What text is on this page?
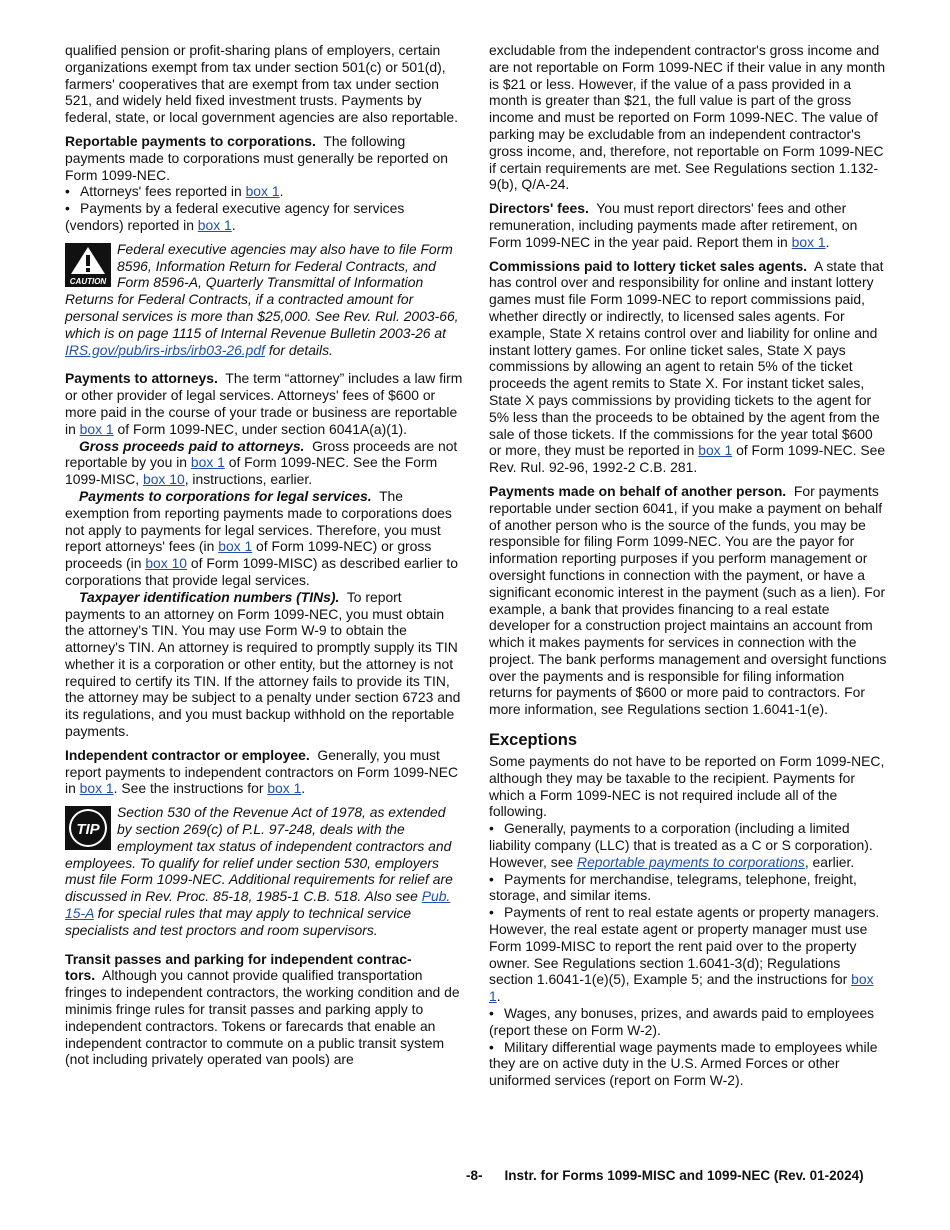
qualified pension or profit-sharing plans of employers, certain organizations exempt from tax under section 501(c) or 501(d), farmers' cooperatives that are exempt from tax under section 521, and widely held fixed investment trusts. Payments by federal, state, or local government agencies are also reportable.

Reportable payments to corporations. The following payments made to corporations must generally be reported on Form 1099-NEC.

• Attorneys' fees reported in box 1.

• Payments by a federal executive agency for services (vendors) reported in box 1.

CAUTION
Federal executive agencies may also have to file Form 8596, Information Return for Federal Contracts, and Form 8596-A, Quarterly Transmittal of Information Returns for Federal Contracts, if a contracted amount for personal services is more than $25,000. See Rev. Rul. 2003-66, which is on page 1115 of Internal Revenue Bulletin 2003-26 at IRS.gov/pub/irs-irbs/irb03-26.pdf for details.

Payments to attorneys. The term “attorney” includes a law firm or other provider of legal services. Attorneys' fees of $600 or more paid in the course of your trade or business are reportable in box 1 of Form 1099-NEC, under section 6041A(a)(1).

Gross proceeds paid to attorneys. Gross proceeds are not reportable by you in box 1 of Form 1099-NEC. See the Form 1099-MISC, box 10, instructions, earlier.

Payments to corporations for legal services. The exemption from reporting payments made to corporations does not apply to payments for legal services. Therefore, you must report attorneys' fees (in box 1 of Form 1099-NEC) or gross proceeds (in box 10 of Form 1099-MISC) as described earlier to corporations that provide legal services.

Taxpayer identification numbers (TINs). To report payments to an attorney on Form 1099-NEC, you must obtain the attorney's TIN. You may use Form W-9 to obtain the attorney's TIN. An attorney is required to promptly supply its TIN whether it is a corporation or other entity, but the attorney is not required to certify its TIN. If the attorney fails to provide its TIN, the attorney may be subject to a penalty under section 6723 and its regulations, and you must backup withhold on the reportable payments.

Independent contractor or employee. Generally, you must report payments to independent contractors on Form 1099-NEC in box 1. See the instructions for box 1.

TIP
Section 530 of the Revenue Act of 1978, as extended by section 269(c) of P.L. 97-248, deals with the employment tax status of independent contractors and employees. To qualify for relief under section 530, employers must file Form 1099-NEC. Additional requirements for relief are discussed in Rev. Proc. 85-18, 1985-1 C.B. 518. Also see Pub. 15-A for special rules that may apply to technical service specialists and test proctors and room supervisors.

Transit passes and parking for independent contrac-
tors. Although you cannot provide qualified transportation fringes to independent contractors, the working condition and de minimis fringe rules for transit passes and parking apply to independent contractors. Tokens or farecards that enable an independent contractor to commute on a public transit system (not including privately operated van pools) are

excludable from the independent contractor's gross income and are not reportable on Form 1099-NEC if their value in any month is $21 or less. However, if the value of a pass provided in a month is greater than $21, the full value is part of the gross income and must be reported on Form 1099-NEC. The value of parking may be excludable from an independent contractor's gross income, and, therefore, not reportable on Form 1099-NEC if certain requirements are met. See Regulations section 1.132-9(b), Q/A-24.

Directors' fees. You must report directors' fees and other remuneration, including payments made after retirement, on Form 1099-NEC in the year paid. Report them in box 1.

Commissions paid to lottery ticket sales agents. A state that has control over and responsibility for online and instant lottery games must file Form 1099-NEC to report commissions paid, whether directly or indirectly, to licensed sales agents. For example, State X retains control over and liability for online and instant lottery games. For online ticket sales, State X pays commissions by allowing an agent to retain 5% of the ticket proceeds the agent remits to State X. For instant ticket sales, State X pays commissions by providing tickets to the agent for 5% less than the proceeds to be obtained by the agent from the sale of those tickets. If the commissions for the year total $600 or more, they must be reported in box 1 of Form 1099-NEC. See Rev. Rul. 92-96, 1992-2 C.B. 281.

Payments made on behalf of another person. For payments reportable under section 6041, if you make a payment on behalf of another person who is the source of the funds, you may be responsible for filing Form 1099-NEC. You are the payor for information reporting purposes if you perform management or oversight functions in connection with the payment, or have a significant economic interest in the payment (such as a lien). For example, a bank that provides financing to a real estate developer for a construction project maintains an account from which it makes payments for services in connection with the project. The bank performs management and oversight functions over the payments and is responsible for filing information returns for payments of $600 or more paid to contractors. For more information, see Regulations section 1.6041-1(e).

Exceptions

Some payments do not have to be reported on Form 1099-NEC, although they may be taxable to the recipient. Payments for which a Form 1099-NEC is not required include all of the following.

• Generally, payments to a corporation (including a limited liability company (LLC) that is treated as a C or S corporation). However, see Reportable payments to corporations, earlier.

• Payments for merchandise, telegrams, telephone, freight, storage, and similar items.

• Payments of rent to real estate agents or property managers. However, the real estate agent or property manager must use Form 1099-MISC to report the rent paid over to the property owner. See Regulations section 1.6041-3(d); Regulations section 1.6041-1(e)(5), Example 5; and the instructions for box 1.

• Wages, any bonuses, prizes, and awards paid to employees (report these on Form W-2).

• Military differential wage payments made to employees while they are on active duty in the U.S. Armed Forces or other uniformed services (report on Form W-2).

-8- Instr. for Forms 1099-MISC and 1099-NEC (Rev. 01-2024)
